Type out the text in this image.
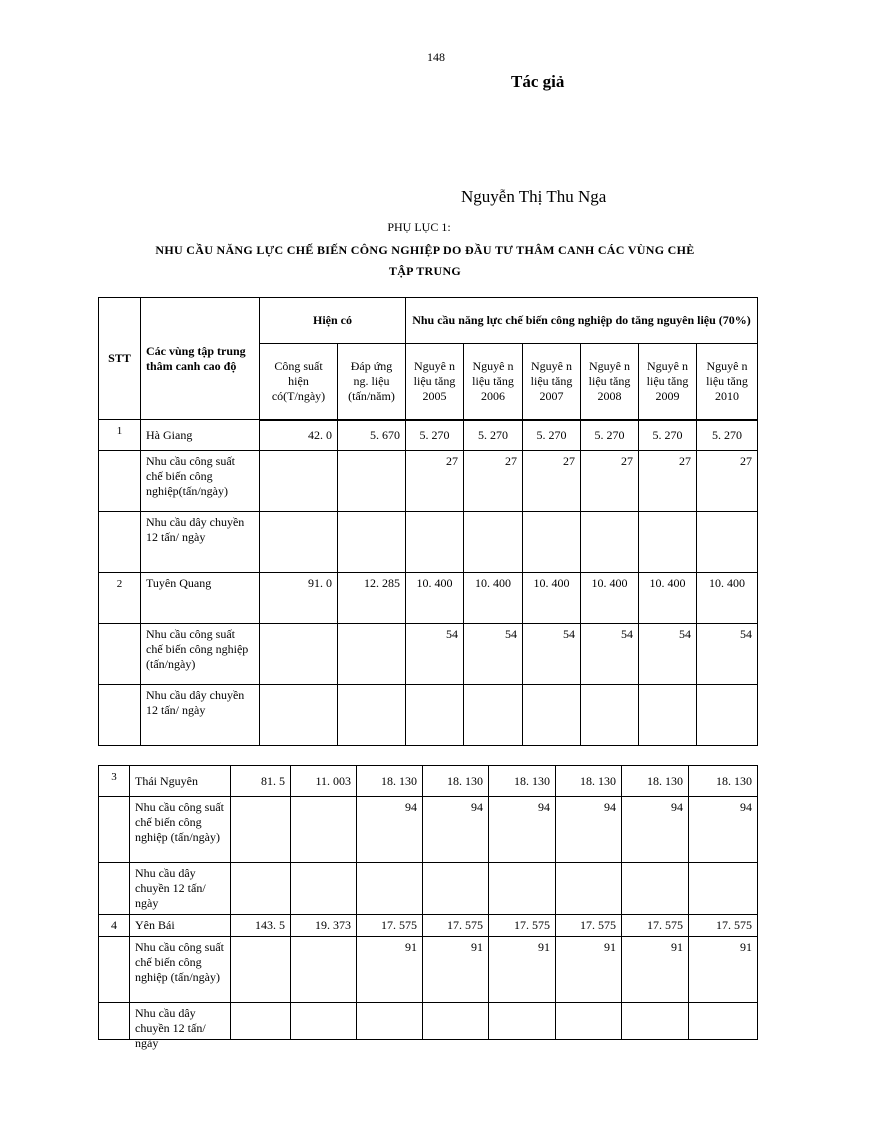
148
Tác giả
Nguyễn Thị Thu Nga
PHỤ LỤC 1:
NHU CẦU NĂNG LỰC CHẾ BIẾN CÔNG NGHIỆP DO ĐẦU TƯ THÂM CANH CÁC VÙNG CHÈ
TẬP TRUNG
STT	Các vùng tập trung thâm canh cao độ	Hiện có		Nhu cầu năng lực chế biến công nghiệp do tăng nguyên liệu (70%)					
		Công suất hiện có(T/ngày)	Đáp ứng ng. liệu (tấn/năm)	Nguyê n liệu tăng 2005	Nguyê n liệu tăng 2006	Nguyê n liệu tăng 2007	Nguyê n liệu tăng 2008	Nguyê n liệu tăng 2009	Nguyê n liệu tăng 2010
1	Hà Giang	42. 0	5. 670	5. 270	5. 270	5. 270	5. 270	5. 270	5. 270
	Nhu cầu công suất chế biến công nghiệp(tấn/ngày)			27	27	27	27	27	27
	Nhu cầu dây chuyền 12 tấn/ ngày								
2	Tuyên Quang	91. 0	12. 285	10. 400	10. 400	10. 400	10. 400	10. 400	10. 400
	Nhu cầu công suất chế biến công nghiệp (tấn/ngày)			54	54	54	54	54	54
	Nhu cầu dây chuyền 12 tấn/ ngày								
3	Thái Nguyên	81. 5	11. 003	18. 130	18. 130	18. 130	18. 130	18. 130	18. 130
	Nhu cầu công suất chế biến công nghiệp (tấn/ngày)			94	94	94	94	94	94
	Nhu cầu dây chuyền 12 tấn/ ngày								
4	Yên Bái	143. 5	19. 373	17. 575	17. 575	17. 575	17. 575	17. 575	17. 575
	Nhu cầu công suất chế biến công nghiệp (tấn/ngày)			91	91	91	91	91	91

	Nhu cầu dây chuyền 12 tấn/ ngày								
